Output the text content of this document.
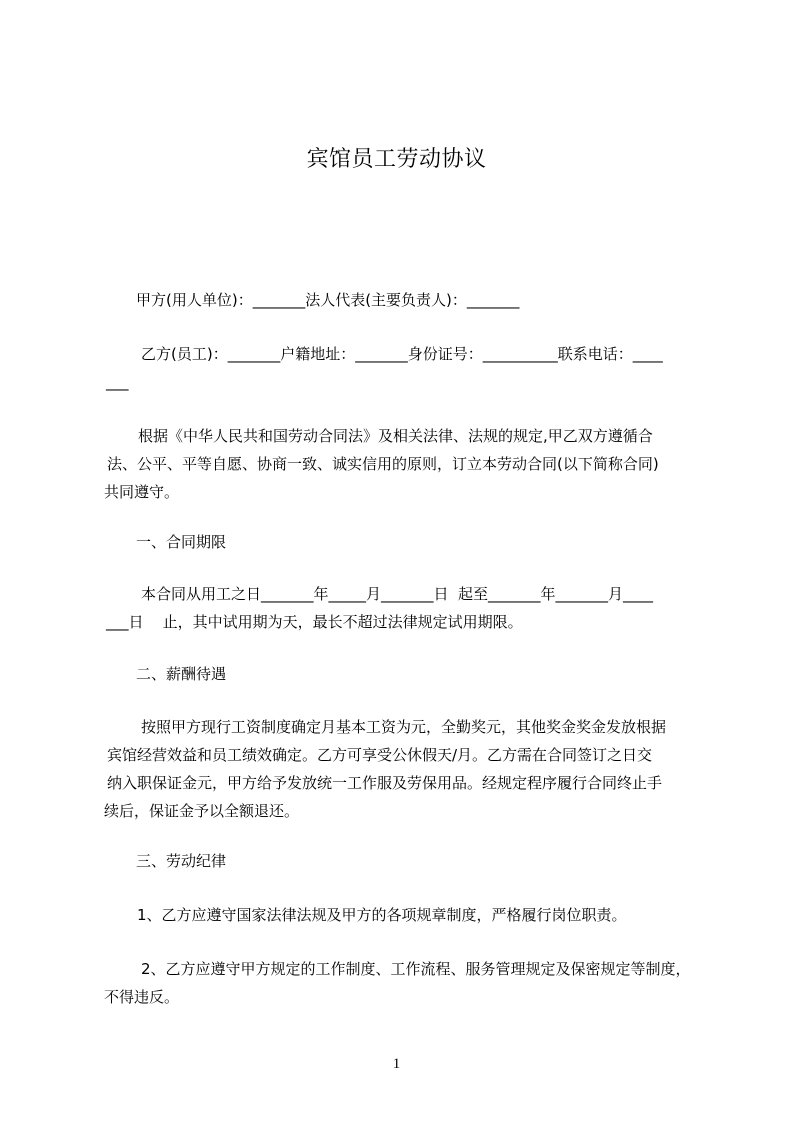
宾馆员工劳动协议
甲方(用人单位)：_______法人代表(主要负责人)：_______
乙方(员工)：_______户籍地址：_______身份证号：__________联系电话：____
___
根据《中华人民共和国劳动合同法》及相关法律、法规的规定,甲乙双方遵循合
法、公平、平等自愿、协商一致、诚实信用的原则，订立本劳动合同(以下简称合同)
共同遵守。
一、合同期限
本合同从用工之日_______年_____月_______日  起至_______年_______月____
___日    止，其中试用期为天，最长不超过法律规定试用期限。
二、薪酬待遇
按照甲方现行工资制度确定月基本工资为元，全勤奖元，其他奖金奖金发放根据
宾馆经营效益和员工绩效确定。乙方可享受公休假天/月。乙方需在合同签订之日交
纳入职保证金元，甲方给予发放统一工作服及劳保用品。经规定程序履行合同终止手
续后，保证金予以全额退还。
三、劳动纪律
1、乙方应遵守国家法律法规及甲方的各项规章制度，严格履行岗位职责。
2、乙方应遵守甲方规定的工作制度、工作流程、服务管理规定及保密规定等制度，
不得违反。
1
